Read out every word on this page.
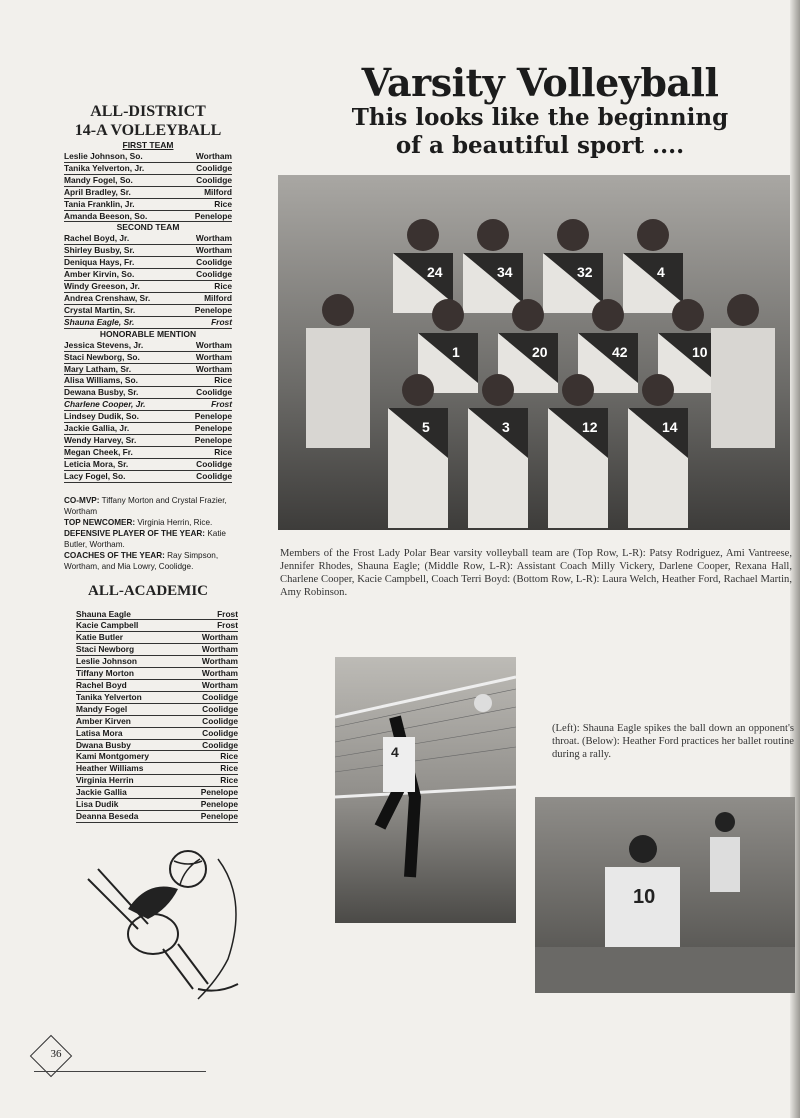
ALL-DISTRICT
14-A VOLLEYBALL
FIRST TEAM
Leslie Johnson, So.	Wortham
Tanika Yelverton, Jr.	Coolidge
Mandy Fogel, So.	Coolidge
April Bradley, Sr.	Milford
Tania Franklin, Jr.	Rice
Amanda Beeson, So.	Penelope
SECOND TEAM
Rachel Boyd, Jr.	Wortham
Shirley Busby, Sr.	Wortham
Deniqua Hays, Fr.	Coolidge
Amber Kirvin, So.	Coolidge
Windy Greeson, Jr.	Rice
Andrea Crenshaw, Sr.	Milford
Crystal Martin, Sr.	Penelope
Shauna Eagle, Sr.	Frost
HONORABLE MENTION
Jessica Stevens, Jr.	Wortham
Staci Newborg, So.	Wortham
Mary Latham, Sr.	Wortham
Alisa Williams, So.	Rice
Dewana Busby, Sr.	Coolidge
Charlene Cooper, Jr.	Frost
Lindsey Dudik, So.	Penelope
Jackie Gallia, Jr.	Penelope
Wendy Harvey, Sr.	Penelope
Megan Cheek, Fr.	Rice
Leticia Mora, Sr.	Coolidge
Lacy Fogel, So.	Coolidge

CO-MVP: Tiffany Morton and Crystal Frazier, Wortham

TOP NEWCOMER: Virginia Herrin, Rice.

DEFENSIVE PLAYER OF THE YEAR: Katie Butler, Wortham.

COACHES OF THE YEAR: Ray Simpson, Wortham, and Mia Lowry, Coolidge.

ALL-ACADEMIC
Shauna Eagle	Frost
Kacie Campbell	Frost
Katie Butler	Wortham
Staci Newborg	Wortham
Leslie Johnson	Wortham
Tiffany Morton	Wortham
Rachel Boyd	Wortham
Tanika Yelverton	Coolidge
Mandy Fogel	Coolidge
Amber Kirven	Coolidge
Latisa Mora	Coolidge
Dwana Busby	Coolidge
Kami Montgomery	Rice
Heather Williams	Rice
Virginia Herrin	Rice
Jackie Gallia	Penelope
Lisa Dudik	Penelope
Deanna Beseda	Penelope
Varsity Volleyball
This looks like the beginning
of a beautiful sport ....
24	34	32	4
1	20	42	10
5	3	12	14
Members of the Frost Lady Polar Bear varsity volleyball team are (Top Row, L-R): Patsy Rodriguez, Ami Vantreese, Jennifer Rhodes, Shauna Eagle; (Middle Row, L-R): Assistant Coach Milly Vickery, Darlene Cooper, Rexana Hall, Charlene Cooper, Kacie Campbell, Coach Terri Boyd: (Bottom Row, L-R): Laura Welch, Heather Ford, Rachael Martin, Amy Robinson.
4
(Left): Shauna Eagle spikes the ball down an opponent's throat. (Below): Heather Ford practices her ballet routine during a rally.
10
36
